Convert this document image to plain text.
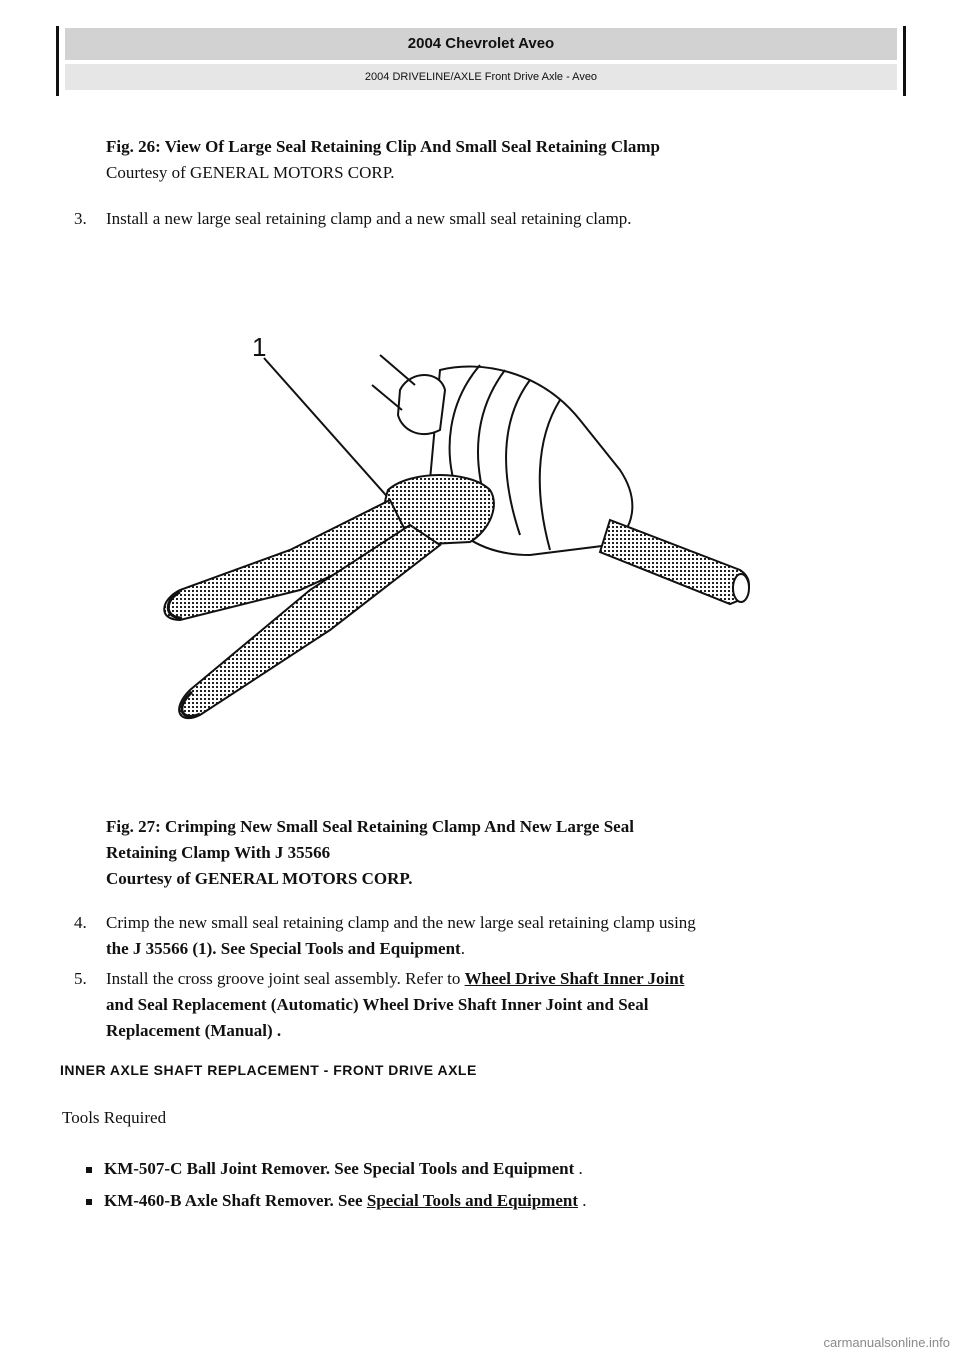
2004 Chevrolet Aveo
2004 DRIVELINE/AXLE Front Drive Axle - Aveo
Fig. 26: View Of Large Seal Retaining Clip And Small Seal Retaining Clamp
Courtesy of GENERAL MOTORS CORP.
3. Install a new large seal retaining clamp and a new small seal retaining clamp.
1
Fig. 27: Crimping New Small Seal Retaining Clamp And New Large Seal
Retaining Clamp With J 35566
Courtesy of GENERAL MOTORS CORP.
4. Crimp the new small seal retaining clamp and the new large seal retaining clamp using
the J 35566 (1). See Special Tools and Equipment.
5. Install the cross groove joint seal assembly. Refer to Wheel Drive Shaft Inner Joint
and Seal Replacement (Automatic) Wheel Drive Shaft Inner Joint and Seal
Replacement (Manual) .
INNER AXLE SHAFT REPLACEMENT - FRONT DRIVE AXLE
Tools Required
KM-507-C Ball Joint Remover. See Special Tools and Equipment .
KM-460-B Axle Shaft Remover. See Special Tools and Equipment .
carmanualsonline.info
